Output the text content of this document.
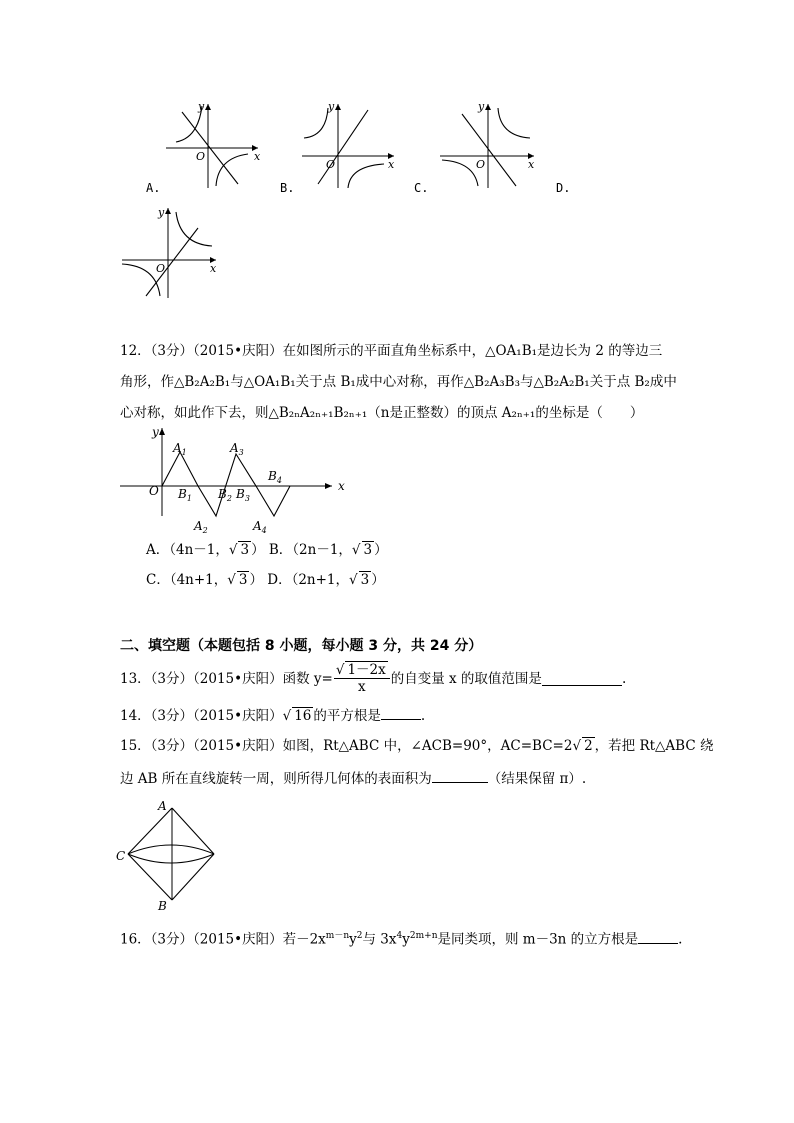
x
y
O
x
y
O	x
y
O
x
y
O
A.	B.	C.	D.
12．（3分）（2015•庆阳）在如图所示的平面直角坐标系中，△OA₁B₁是边长为 2 的等边三
角形，作△B₂A₂B₁与△OA₁B₁关于点 B₁成中心对称，再作△B₂A₃B₃与△B₂A₂B₁关于点 B₂成中
心对称，如此作下去，则△B₂ₙA₂ₙ₊₁B₂ₙ₊₁（n是正整数）的顶点 A₂ₙ₊₁的坐标是（　　）
x
y
O
$A_1$
$B_1$
$A_2$
$B_2$ $B_3$
$A_3$
$A_4$
$B_4$
A．（4n－1，√ 3 ） B．（2n－1，√ 3 ）
C．（4n+1，√ 3 ） D．（2n+1，√ 3 ）
二、填空题（本题包括 8 小题，每小题 3 分，共 24 分）
13．（3分）（2015•庆阳）函数 $y= \frac{√ 1-2x}{x}$ 的自变量 x 的取值范围是	.
14．（3分）（2015•庆阳）√ 16 的平方根是	.
15．（3分）（2015•庆阳）如图，Rt△ABC 中，∠ACB=90°，AC=BC=2√ 2 ，若把 Rt△ABC 绕
边 AB 所在直线旋转一周，则所得几何体的表面积为	（结果保留 π）.
A
C
B
16．（3分）（2015•庆阳）若$-2x^{m-n}y^2$与 $3x^4y^{2m+n}$是同类项，则 m－3n 的立方根是	.
